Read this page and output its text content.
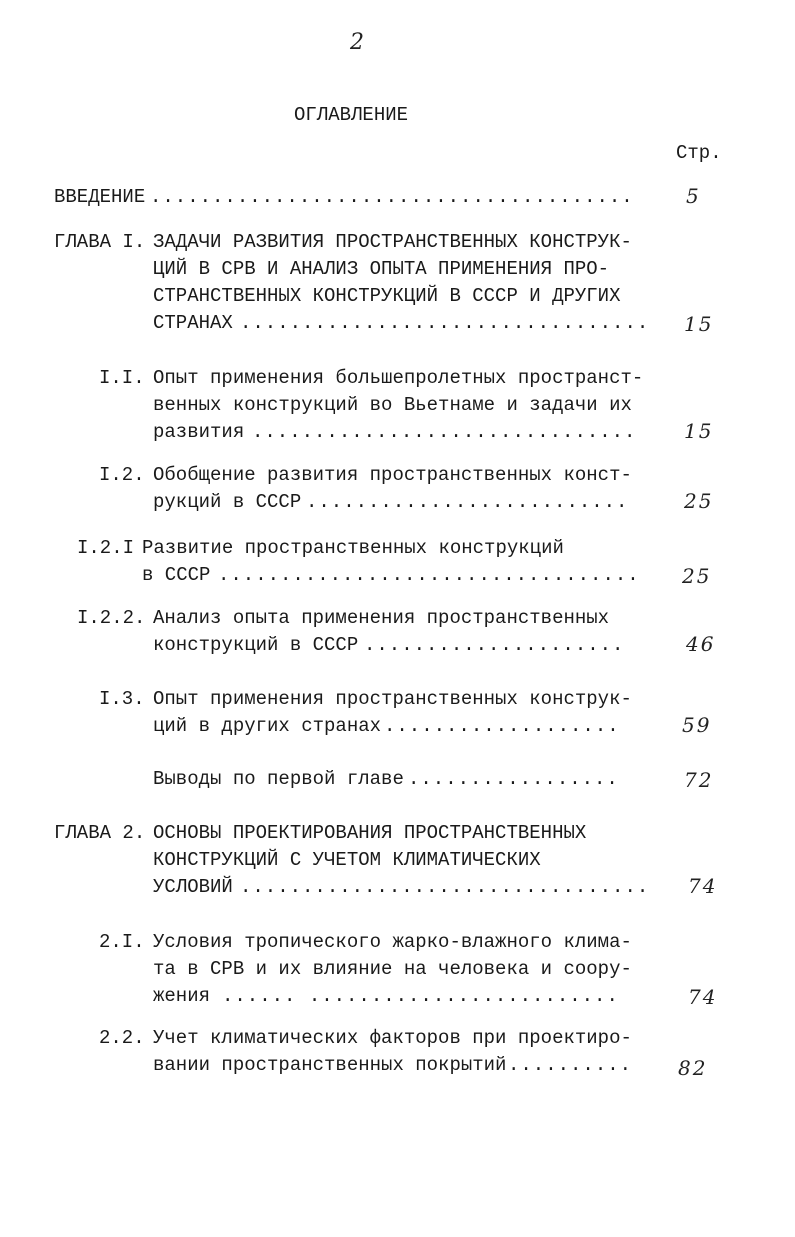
2
ОГЛАВЛЕНИЕ
Стр.
ВВЕДЕНИЕ .......................................	5
ГЛАВА I. ЗАДАЧИ РАЗВИТИЯ ПРОСТРАНСТВЕННЫХ КОНСТРУК-
ЦИЙ В СРВ И АНАЛИЗ ОПЫТА ПРИМЕНЕНИЯ ПРО-
СТРАНСТВЕННЫХ КОНСТРУКЦИЙ В СССР И ДРУГИХ
СТРАНАХ ................................. 15
I.I. Опыт применения большепролетных пространст-
венных конструкций во Вьетнаме и задачи их
развития ............................... 15
I.2. Обобщение развития пространственных конст-
рукций в СССР ..........................	25
I.2.I Развитие пространственных конструкций
в СССР .................................. 25
I.2.2. Анализ опыта применения пространственных
конструкций в СССР .....................	46
I.3. Опыт применения пространственных конструк-
ций в других странах ...................	59
Выводы по первой главе .................	72
ГЛАВА 2. ОСНОВЫ ПРОЕКТИРОВАНИЯ ПРОСТРАНСТВЕННЫХ
КОНСТРУКЦИЙ С УЧЕТОМ КЛИМАТИЧЕСКИХ
УСЛОВИЙ ................................. 74
2.I. Условия тропического жарко-влажного клима-
та в СРВ и их влияние на человека и соору-
жения ...... .........................	74
2.2. Учет климатических факторов при проектиро-
вании пространственных покрытий .......... 82
